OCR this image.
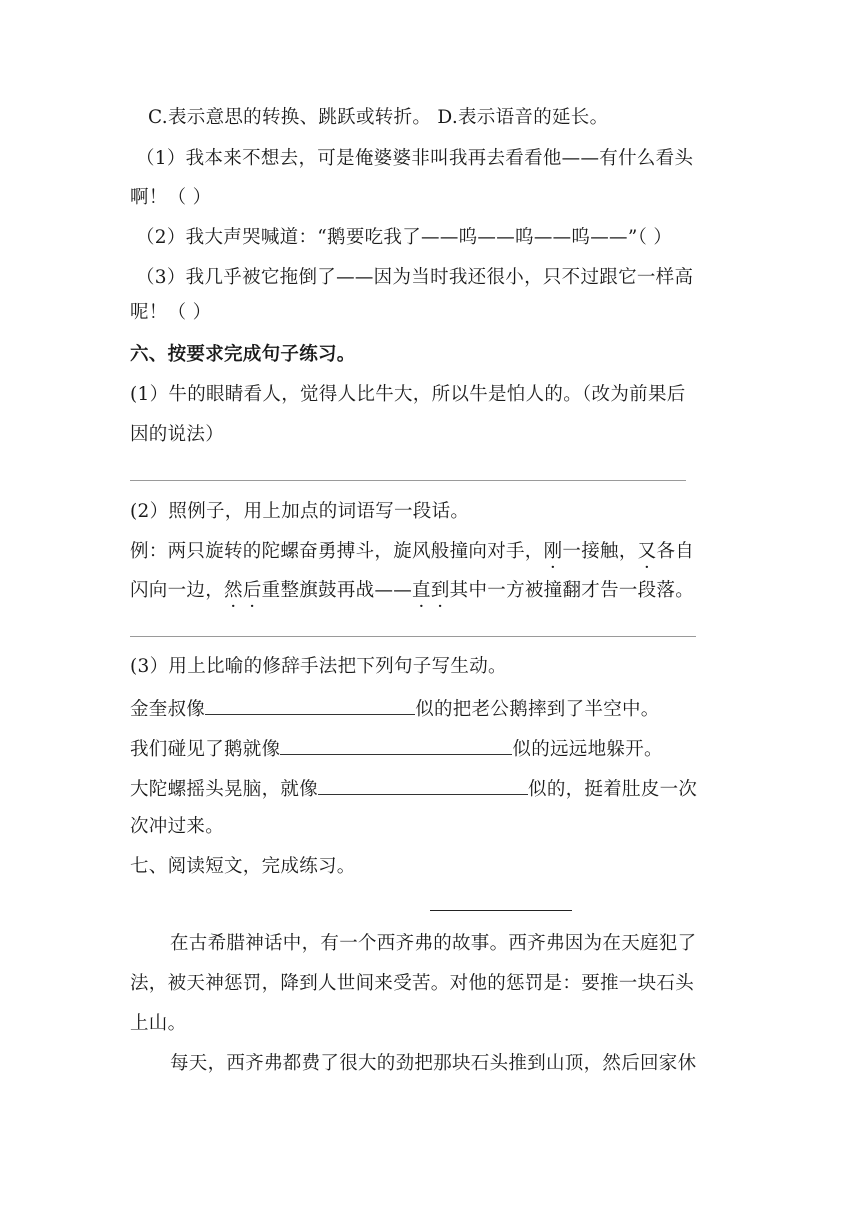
C.表示意思的转换、跳跃或转折。 D.表示语音的延长。
（1）我本来不想去，可是俺婆婆非叫我再去看看他——有什么看头
啊！（ ）
（2）我大声哭喊道：“鹅要吃我了——呜——呜——呜——”（ ）
（3）我几乎被它拖倒了——因为当时我还很小，只不过跟它一样高
呢！（ ）
六、按要求完成句子练习。
(1）牛的眼睛看人，觉得人比牛大，所以牛是怕人的。（改为前果后
因的说法）
(2）照例子，用上加点的词语写一段话。
例：两只旋转的陀螺奋勇搏斗，旋风般撞向对手，刚一接触，又各自
闪向一边，然后重整旗鼓再战——直到其中一方被撞翻才告一段落。
(3）用上比喻的修辞手法把下列句子写生动。
金奎叔像	似的把老公鹅摔到了半空中。
我们碰见了鹅就像	似的远远地躲开。
大陀螺摇头晃脑，就像	似的，挺着肚皮一次
次冲过来。
七、阅读短文，完成练习。
在古希腊神话中，有一个西齐弗的故事。西齐弗因为在天庭犯了
法，被天神惩罚，降到人世间来受苦。对他的惩罚是：要推一块石头
上山。
每天，西齐弗都费了很大的劲把那块石头推到山顶，然后回家休
